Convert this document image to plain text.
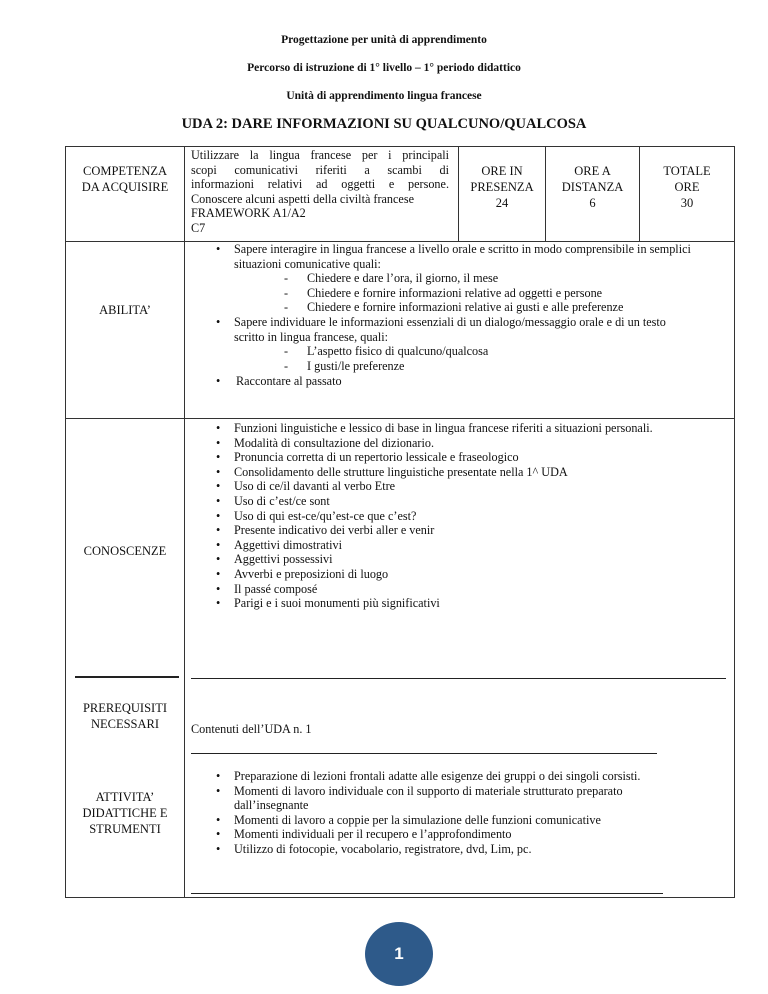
Progettazione per unità di apprendimento
Percorso di istruzione di 1° livello – 1° periodo didattico
Unità di apprendimento lingua francese
UDA 2: DARE INFORMAZIONI SU QUALCUNO/QUALCOSA
COMPETENZA
DA ACQUISIRE
Utilizzare la lingua francese per i principali
scopi comunicativi riferiti a scambi di
informazioni relativi ad oggetti e persone.
Conoscere alcuni aspetti della civiltà francese
FRAMEWORK A1/A2
C7
ORE IN
PRESENZA
24
ORE A
DISTANZA
6
TOTALE
ORE
30
ABILITA’
• Sapere interagire in lingua francese a livello orale e scritto in modo comprensibile in semplici
situazioni comunicative quali:
- Chiedere e dare l’ora, il giorno, il mese
- Chiedere e fornire informazioni relative ad oggetti e persone
- Chiedere e fornire informazioni relative ai gusti e alle preferenze
• Sapere individuare le informazioni essenziali di un dialogo/messaggio orale e di un testo
scritto in lingua francese, quali:
- L’aspetto fisico di qualcuno/qualcosa
- I gusti/le preferenze
• Raccontare al passato
CONOSCENZE
• Funzioni linguistiche e lessico di base in lingua francese riferiti a situazioni personali.
• Modalità di consultazione del dizionario.
• Pronuncia corretta di un repertorio lessicale e fraseologico
• Consolidamento delle strutture linguistiche presentate nella 1^ UDA
• Uso di ce/il davanti al verbo Etre
• Uso di c’est/ce sont
• Uso di qui est-ce/qu’est-ce que c’est?
• Presente indicativo dei verbi aller e venir
• Aggettivi dimostrativi
• Aggettivi possessivi
• Avverbi e preposizioni di luogo
• Il passé composé
• Parigi e i suoi monumenti più significativi
PREREQUISITI
NECESSARI	Contenuti dell’UDA n. 1
ATTIVITA’
DIDATTICHE E
STRUMENTI
• Preparazione di lezioni frontali adatte alle esigenze dei gruppi o dei singoli corsisti.
• Momenti di lavoro individuale con il supporto di materiale strutturato preparato
dall’insegnante
• Momenti di lavoro a coppie per la simulazione delle funzioni comunicative
• Momenti individuali per il recupero e l’approfondimento
• Utilizzo di fotocopie, vocabolario, registratore, dvd, Lim, pc.
1
